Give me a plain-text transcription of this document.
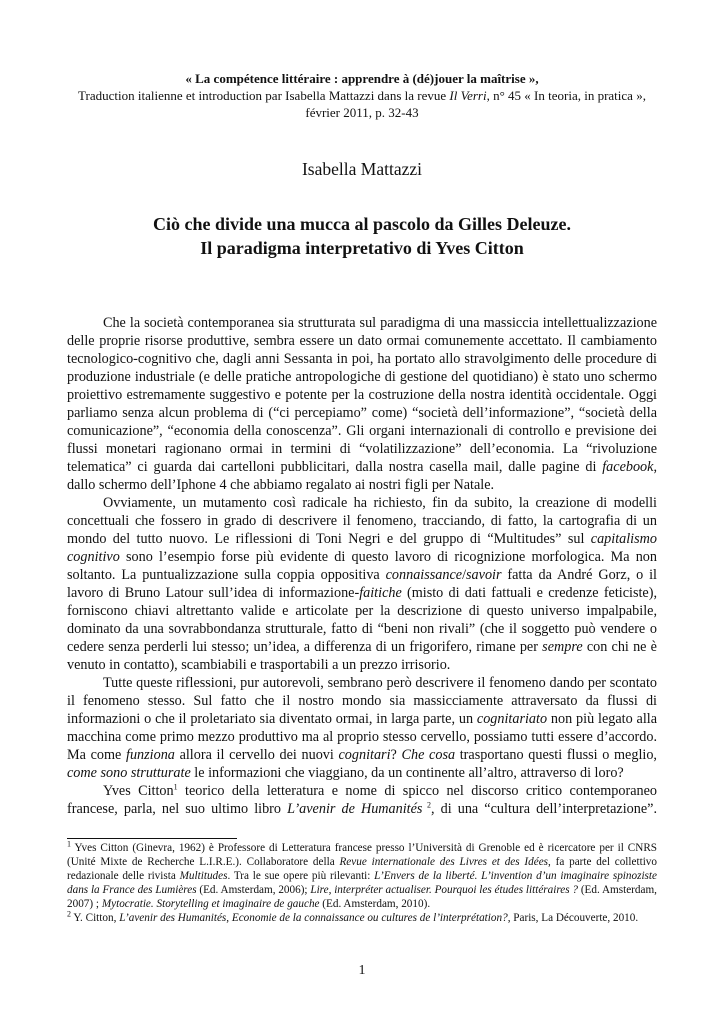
« La compétence littéraire : apprendre à (dé)jouer la maîtrise »,
Traduction italienne et introduction par Isabella Mattazzi dans la revue Il Verri, n° 45 « In teoria, in pratica », février 2011, p. 32-43
Isabella Mattazzi
Ciò che divide una mucca al pascolo da Gilles Deleuze.
Il paradigma interpretativo di Yves Citton

Che la società contemporanea sia strutturata sul paradigma di una massiccia intellettualizzazione delle proprie risorse produttive, sembra essere un dato ormai comunemente accettato. Il cambiamento tecnologico-cognitivo che, dagli anni Sessanta in poi, ha portato allo stravolgimento delle procedure di produzione industriale (e delle pratiche antropologiche di gestione del quotidiano) è stato uno schermo proiettivo estremamente suggestivo e potente per la costruzione della nostra identità occidentale. Oggi parliamo senza alcun problema di (“ci percepiamo” come) “società dell’informazione”, “società della comunicazione”, “economia della conoscenza”. Gli organi internazionali di controllo e previsione dei flussi monetari ragionano ormai in termini di “volatilizzazione” dell’economia. La “rivoluzione telematica” ci guarda dai cartelloni pubblicitari, dalla nostra casella mail, dalle pagine di facebook, dallo schermo dell’Iphone 4 che abbiamo regalato ai nostri figli per Natale.

Ovviamente, un mutamento così radicale ha richiesto, fin da subito, la creazione di modelli concettuali che fossero in grado di descrivere il fenomeno, tracciando, di fatto, la cartografia di un mondo del tutto nuovo. Le riflessioni di Toni Negri e del gruppo di “Multitudes” sul capitalismo cognitivo sono l’esempio forse più evidente di questo lavoro di ricognizione morfologica. Ma non soltanto. La puntualizzazione sulla coppia oppositiva connaissance/savoir fatta da André Gorz, o il lavoro di Bruno Latour sull’idea di informazione-faitiche (misto di dati fattuali e credenze feticiste), forniscono chiavi altrettanto valide e articolate per la descrizione di questo universo impalpabile, dominato da una sovrabbondanza strutturale, fatto di “beni non rivali” (che il soggetto può vendere o cedere senza perderli lui stesso; un’idea, a differenza di un frigorifero, rimane per sempre con chi ne è venuto in contatto), scambiabili e trasportabili a un prezzo irrisorio.

Tutte queste riflessioni, pur autorevoli, sembrano però descrivere il fenomeno dando per scontato il fenomeno stesso. Sul fatto che il nostro mondo sia massicciamente attraversato da flussi di informazioni o che il proletariato sia diventato ormai, in larga parte, un cognitariato non più legato alla macchina come primo mezzo produttivo ma al proprio stesso cervello, possiamo tutti essere d’accordo. Ma come funziona allora il cervello dei nuovi cognitari? Che cosa trasportano questi flussi o meglio, come sono strutturate le informazioni che viaggiano, da un continente all’altro, attraverso di loro?

Yves Citton$^1$ teorico della letteratura e nome di spicco nel discorso critico contemporaneo francese, parla, nel suo ultimo libro L’avenir de Humanités $^2$, di una “cultura dell’interpretazione”.

$^1$ Yves Citton (Ginevra, 1962) è Professore di Letteratura francese presso l’Università di Grenoble ed è ricercatore per il CNRS (Unité Mixte de Recherche L.I.R.E.). Collaboratore della Revue internationale des Livres et des Idées, fa parte del collettivo redazionale delle rivista Multitudes. Tra le sue opere più rilevanti: L’Envers de la liberté. L’invention d’un imaginaire spinoziste dans la France des Lumières (Ed. Amsterdam, 2006); Lire, interpréter actualiser. Pourquoi les études littéraires ? (Ed. Amsterdam, 2007) ; Mytocratie. Storytelling et imaginaire de gauche (Ed. Amsterdam, 2010).

$^2$ Y. Citton, L’avenir des Humanités, Economie de la connaissance ou cultures de l’interprétation?, Paris, La Découverte, 2010.

1
